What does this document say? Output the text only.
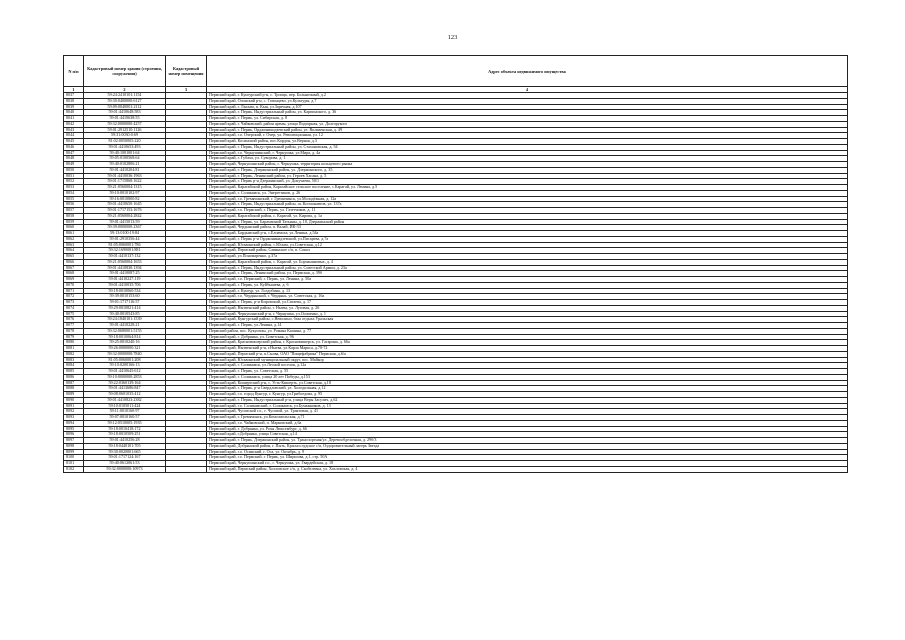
123
N п/п	Кадастровый номер здания (строения, сооружения)	Кадастровый номер помещения	Адрес объекта недвижимого имущества
1	2	3	4
8037	59:24:2410101:1154		Пермский край, г. Кунгурский р-н, с. Троица, пер. Больничный, д.2
8038	59:30:0400000:6127		Пермский край, Осинский р-н, с. Гатинцево, ул.Культуры, д.7
8039	59:09:0040001:2112		Пермский край, г. Лысьва, п. Кын, ул.Заречная, д.107
8040	59:01:4410648:583		Пермский край, г. Пермь, Индустриальный район, ул. Карпинского, д. 36
8041	59:01:4410638:55		Пермский край, г. Пермь, ул. Сибирская, д. 8
8042	59:32:0000000:4257		Пермский край, г. Чайковский, район арены, улица Подгорная, ул. Долгорукого
8043	59:01:2912510:1126		Пермский край, г. Пермь, Орджоникидзевский район, ул. Вильвенская, д. 49
8044	59:31:0030:0:69		Пермский край, г.о. Очерский, г. Очер, ул. Революционная, ул. 12
8045	81:02:0050005:220		Пермский край, Косинский район, пос.Кордон, ул.Верная, д.3
8046	59:01:4410653:493		Пермский край, г. Пермь, Индустриальный район, ул. Стахановская, д. 54
8047	59:40:1001001:64		Пермский край, г.о. Чернушинский, г. Чернушка, ул.Мира, д. 4а
8048	59:05:0100568:64		Пермский край, г. Губаха, ул. Суворова, д. 1
8049	59:40:0102806:21		Пермский край, Чернушинский район, г. Чернушка, территория кольцевого рынка
8050	59:01:4410204:81		Пермский край, г. Пермь, Дзержинский район, ул. Дзержинского, д. 35
8051	59:01:4410036:1963		Пермский край, г. Пермь, Ленинский район, ул. Героев Хасана, д. 5
8052	59:01:1715868:1622		Пермский край, г. Пермь р-н Дзержинский, ул. Докучаева, 50/1
8053	59:21:0560004:1315		Пермский край, Карагайский район, Карагайское сельское поселение, с.Карагай, ул. Ленина, д.5
8054	59:10:0010102:97		Пермский край, г. Соликамск, ул. Энергетиков, д. 26
8055	59:16:0010800:82		Пермский край, г.о. Гремячинский, г. Гремячинск, ул.Молодёжная, д. 12а
8056	59:01:4410650:1645		Пермский край, г. Пермь, Индустриальный район, ш. Космонавтов, ул. 137а
8057	59:01:1717153:1676		Пермский край, г.о. Пермский, г. Пермь, ул. Газетчиков, д. 11
8058	59:21:0560004:2842		Пермский край, Карагайский район, с. Карагай, ул. Кирова, д. 1а
8059	59:01:4415013:59		Пермский край, г. Пермь, ул. Барамзиной Татьяны, д. 10, Дзержинский район
8060	59:39:0000000:2367		Пермский край, Чердынский район, п. Валай, ИК-33
8061	59:13:0100:19:84		Пермский край, Бардымский р-н, с.Елпачиха, ул.Ленина, д.54а
8062	59:01:2910356:44		Пермский край, г. Пермь р-н Орджоникидзевский, ул.Писарева, д.7а
8063	81:05:0060001:786		Пермский край, Юсьвинский район, с.Юсьва, ул.Советская, д.12
8064	59:32:1690001:881		Пермский край, Пермский район, Савинское с/п, п. Сокол
8065	59:01:4410137:132		Пермский край, ул.Пономаренко, д.37а
8066	59:21:0560004:1653		Пермский край, Карагайский район, с. Карагай, ул. Борчаниновых, д. 4
8067	59:01:4410830:1394		Пермский край, г. Пермь, Индустриальный район, ул. Советской Армии, д. 23а
8068	59:01:4410087:25		Пермский край, г. Пермь, Ленинский район, ул. Пермская, д. 39б
8069	59:01:4410227:119		Пермский край, г.о. Пермский, г. Пермь, ул. Ленина, д. 50а
8070	59:01:4410035:706		Пермский край, г. Пермь, ул. Куйбышева, д. 6
8071	59:18:0010060:534		Пермский край, г. Кунгур, ул. Голдобина, д. 13
8072	59:39:0010153:60		Пермский край, г.о. Чердынский, г. Чердынь, ул. Советская, д. 16а
8073	59:01:1717116:57		Пермский край, г. Пермь, р-н Кировский, ул.Сигаева, д. 17
8074	59:29:0010821:414		Пермский край, Нытвенский район, г. Нытва, ул. Луговая, д. 26
8075	59:40:0010543:85		Пермский край, Чернушинский р-н, г. Чернушка, ул.Осипенко, д. 1
8076	59:24:1840101:1539		Пермский край, Кунгурский район, с.Неволино, база отдыха Уральская
8077	59:01:4410228:21		Пермский край, г. Пермь, ул.Ленина, д.14
8078	59:32:0680001:5155		Пермский район, пос. Кукуштан, ул. Романа Кашина, д. 77
8079	59:18:0010064:814		Пермский край, г. Добрянка, ул. Советская, д. 96
8080	59:25:0010240:16		Пермский край, Красновишерский район, г. Красновишерск, ул. Гагарина, д. 66а
8081	59:26:0000000:321		Пермский край, Нытвенский р-н, г.Нытва, ул.Карла Маркса, д.70-72
8082	59:32:0000000:7840		Пермский край, Пермский р-н, п.Сылва, ОАО "Пищефабрика" Пермская, д.6/а
8083	81:05:0060001:208		Пермский край, Юсьвинский муниципальный округ, пос. Майкор
8084	59:10:0200166:13		Пермский край, г. Соликамск, ул.Лесной поселок, д.12а
8085	59:01:4410645:612		Пермский край, г. Пермь, ул. Советская, д. 55
8086	59:10:0000000:2853		Пермский край, г. Соликамск, улица 20 лет Победы, д.153
8087	59:22:0360139:164		Пермский край, Кишертский р-н, с. Усть-Кишерть, ул.Советская, д.18
8088	59:01:4413686:847		Пермский край, г. Пермь, р-н Свердловский, ул. Холодильная, д.12
8089	59:08:0601035:412		Пермский край, г.о. город Кунгур, г. Кунгур, ул.Грибоедова, д. 95
8090	59:01:4410823:2382		Пермский край, г. Пермь, Индустриальный р-н, улица Веры Засулич, д.62
8091	59:10:0105011:424		Пермский край, г.о. Соликамский, г. Соликамск, ул.Бумажников, д. 13
8092	59:11:0010160:97		Пермский край, Чусовской г.о., г. Чусовой, ул. Трактовая, д. 41
8093	59:07:0010160:57		Пермский край, г. Гремячинск, ул.Комсомольская, д.71
8094	59:12:0510005:1935		Пермский край, г.о. Чайковский, п. Марковский, д.6а
8095	59:18:0010418:172		Пермский край, г. Добрянка, ул. Розы Люксембург, д. 66
8096	59:18:0010509:251		Пермский край, г.Добрянка, улица Советская, д.14
8097	59:01:4410256:28		Пермский край, г. Пермь, Дзержинский район, ул. Транспортная/ул. Деревообделочная, д. 29б/3
8098	59:18:0440101:705		Пермский край, Добрянский район, г. Пыть, Краснослудское с/п, Оздоровительный лагерь Звезда
8099	59:30:0020001:665		Пермский край, г.о. Осинский, г. Оса, ул. Октябрь, д. 9
8100	59:01:1717124:167		Пермский край, г.о. Пермский, г. Пермь, ул. Ширшова, д.1, стр. 50А
8101	59:40:0612061:53		Пермский край, Чернушинский г.о., г. Чернушка, ул. Гвардейская, д. 18
8102	59:32:0000000:10973		Пермский край, Пермский район, Хохловское с/п, д. Скобелевка, ул. Хохловская, д. 4
